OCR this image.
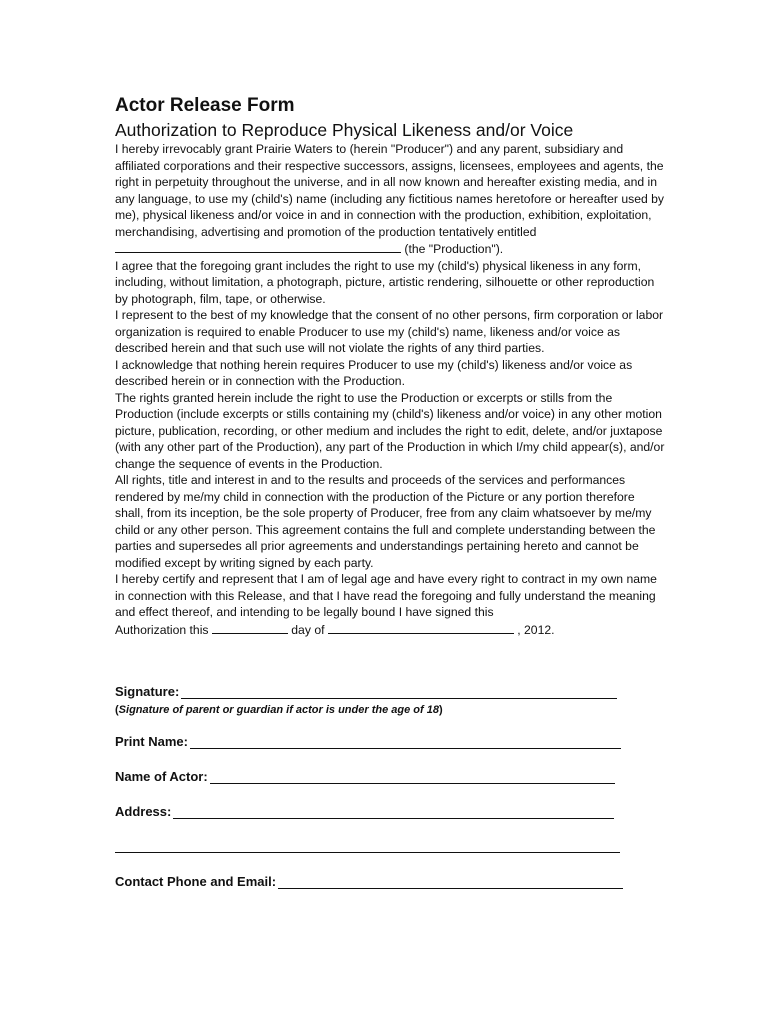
Actor Release Form
Authorization to Reproduce Physical Likeness and/or Voice

I hereby irrevocably grant Prairie Waters to (herein "Producer") and any parent, subsidiary and affiliated corporations and their respective successors, assigns, licensees, employees and agents, the right in perpetuity throughout the universe, and in all now known and hereafter existing media, and in any language, to use my (child's) name (including any fictitious names heretofore or hereafter used by me), physical likeness and/or voice in and in connection with the production, exhibition, exploitation, merchandising, advertising and promotion of the production tentatively entitled

(the "Production").

I agree that the foregoing grant includes the right to use my (child's) physical likeness in any form, including, without limitation, a photograph, picture, artistic rendering, silhouette or other reproduction by photograph, film, tape, or otherwise.

I represent to the best of my knowledge that the consent of no other persons, firm corporation or labor organization is required to enable Producer to use my (child's) name, likeness and/or voice as described herein and that such use will not violate the rights of any third parties.

I acknowledge that nothing herein requires Producer to use my (child's) likeness and/or voice as described herein or in connection with the Production.

The rights granted herein include the right to use the Production or excerpts or stills from the Production (include excerpts or stills containing my (child's) likeness and/or voice) in any other motion picture, publication, recording, or other medium and includes the right to edit, delete, and/or juxtapose (with any other part of the Production), any part of the Production in which I/my child appear(s), and/or change the sequence of events in the Production.

All rights, title and interest in and to the results and proceeds of the services and performances rendered by me/my child in connection with the production of the Picture or any portion therefore shall, from its inception, be the sole property of Producer, free from any claim whatsoever by me/my child or any other person. This agreement contains the full and complete understanding between the parties and supersedes all prior agreements and understandings pertaining hereto and cannot be modified except by writing signed by each party.

I hereby certify and represent that I am of legal age and have every right to contract in my own name in connection with this Release, and that I have read the foregoing and fully understand the meaning and effect thereof, and intending to be legally bound I have signed this

Authorization this	day of	, 2012.

Signature:
(Signature of parent or guardian if actor is under the age of 18)
Print Name:
Name of Actor:
Address:
Contact Phone and Email:
